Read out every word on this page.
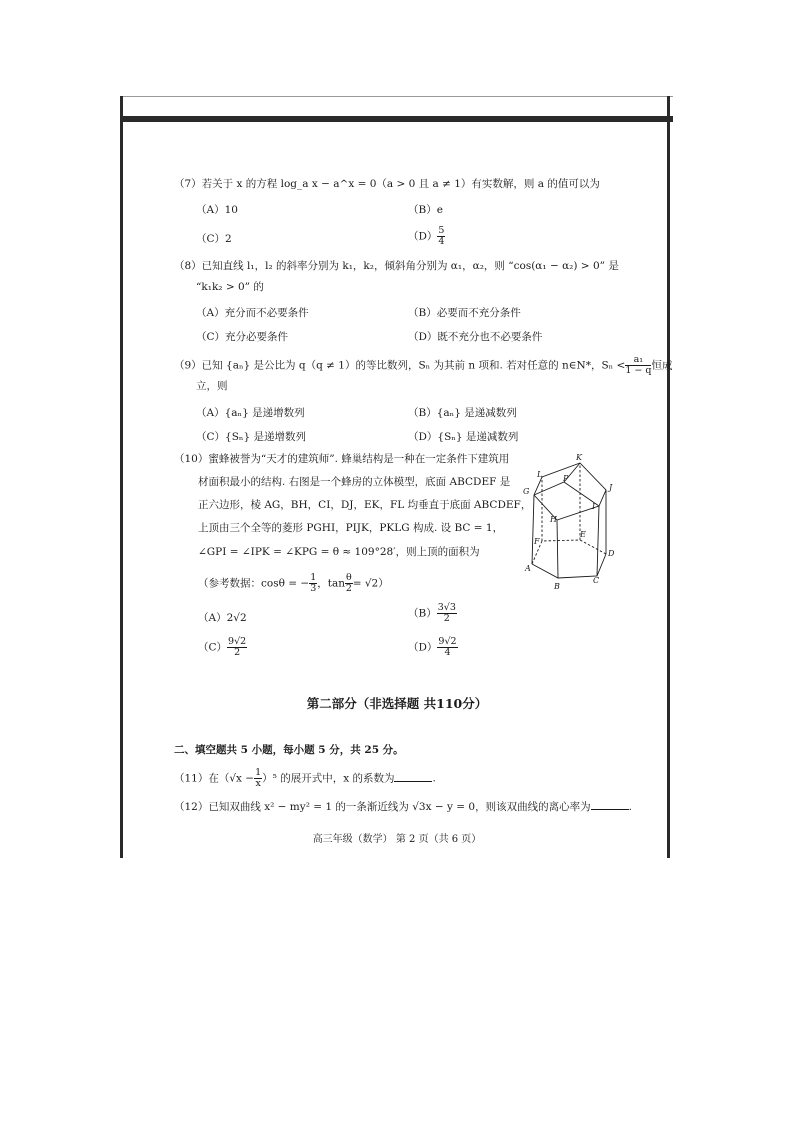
（7）若关于 x 的方程 log_a x − a^x = 0（a > 0 且 a ≠ 1）有实数解，则 a 的值可以为
（A）10	（B）e
（C）2	$(D) \frac{5}{4}$
（8）已知直线 l₁，l₂ 的斜率分别为 k₁，k₂，倾斜角分别为 α₁，α₂，则 “cos(α₁ − α₂) > 0” 是
“k₁k₂ > 0” 的
（A）充分而不必要条件	（B）必要而不充分条件
（C）充分必要条件	（D）既不充分也不必要条件
（9）已知 {aₙ} 是公比为 q（q ≠ 1）的等比数列，Sₙ 为其前 n 项和. 若对任意的 n∈N*，$S_n < \frac{\text{a₁}}{1 - q}$ 恒成
立，则
（A）{aₙ} 是递增数列	（B）{aₙ} 是递减数列
（C）{Sₙ} 是递增数列	（D）{Sₙ} 是递减数列
（10）蜜蜂被誉为“天才的建筑师”. 蜂巢结构是一种在一定条件下建筑用
材面积最小的结构. 右图是一个蜂房的立体模型，底面 ABCDEF 是
正六边形，棱 AG，BH，CI，DJ，EK，FL 均垂直于底面 ABCDEF，
上顶由三个全等的菱形 PGHI，PIJK，PKLG 构成. 设 BC = 1，
∠GPI = ∠IPK = ∠KPG = θ ≈ 109°28′，则上顶的面积为
（参考数据：cosθ = − $\frac{1}{3}$ ，$\tan \frac{\theta}{2} = √2$）
（A）2√2	$(B) \frac{3√3}{2}$
$(C) \frac{9√2}{2}$	$(D) \frac{9√2}{4}$
K
L	P
J
G
I
H
F
E
A
D
B
C
第二部分（非选择题 共110分）
二、填空题共 5 小题，每小题 5 分，共 25 分。
（11）在$(√x - \frac{1}{x} )^5$ 的展开式中，x 的系数为	.
（12）已知双曲线 x² − my² = 1 的一条渐近线为 √3x − y = 0，则该双曲线的离心率为	.
高三年级（数学） 第 2 页（共 6 页）
